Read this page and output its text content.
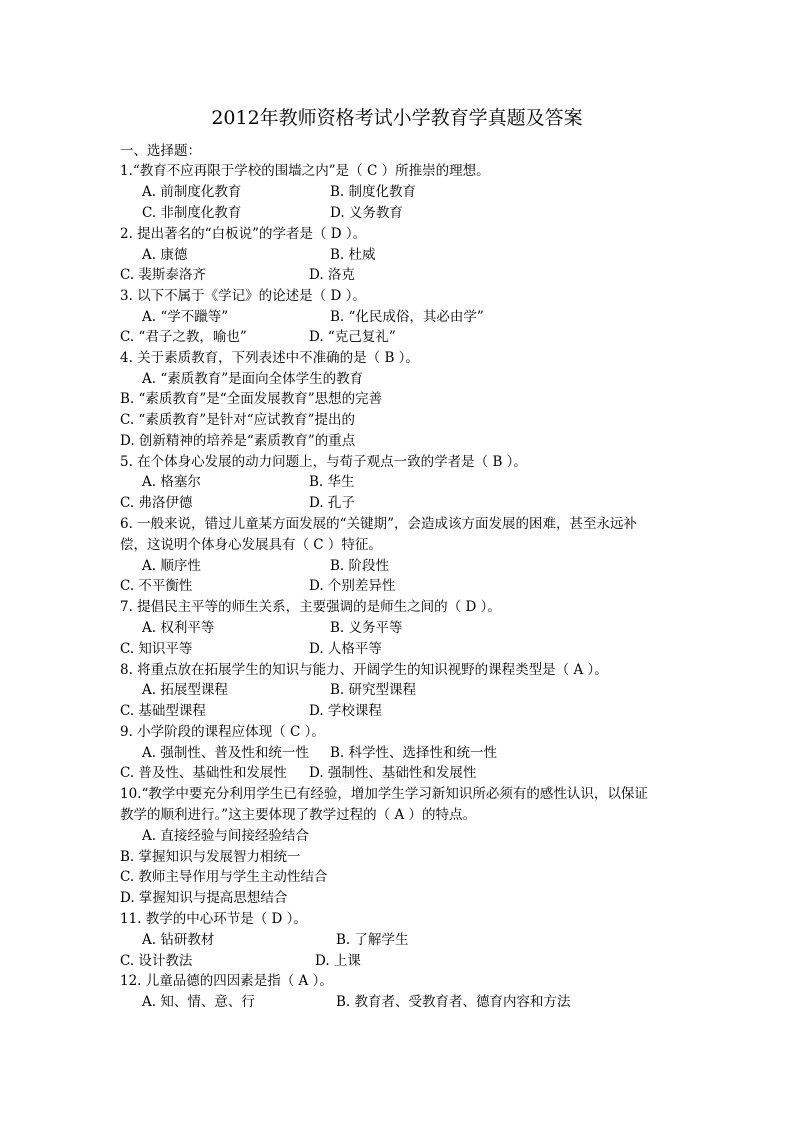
2012年教师资格考试小学教育学真题及答案
一、选择题：
1.“教育不应再限于学校的围墙之内”是（ C ）所推崇的理想。
A. 前制度化教育	B. 制度化教育
C. 非制度化教育	D. 义务教育
2. 提出著名的“白板说”的学者是（ D ）。
A. 康德	B. 杜威
C. 裴斯泰洛齐	D. 洛克
3. 以下不属于《学记》的论述是（ D ）。
A. “学不躐等”	B. “化民成俗，其必由学”
C. “君子之教，喻也”	D. “克己复礼”
4. 关于素质教育，下列表述中不准确的是（ B ）。
A. “素质教育”是面向全体学生的教育
B. “素质教育”是“全面发展教育”思想的完善
C. “素质教育”是针对“应试教育”提出的
D. 创新精神的培养是“素质教育”的重点
5. 在个体身心发展的动力问题上，与荀子观点一致的学者是（ B ）。
A. 格塞尔	B. 华生
C. 弗洛伊德	D. 孔子
6. 一般来说，错过儿童某方面发展的“关键期”，会造成该方面发展的困难，甚至永远补
偿，这说明个体身心发展具有（ C ）特征。
A. 顺序性	B. 阶段性
C. 不平衡性	D. 个别差异性
7. 提倡民主平等的师生关系，主要强调的是师生之间的（ D ）。
A. 权利平等	B. 义务平等
C. 知识平等	D. 人格平等
8. 将重点放在拓展学生的知识与能力、开阔学生的知识视野的课程类型是（ A ）。
A. 拓展型课程	B. 研究型课程
C. 基础型课程	D. 学校课程
9. 小学阶段的课程应体现（ C ）。
A. 强制性、普及性和统一性 B. 科学性、选择性和统一性
C. 普及性、基础性和发展性 D. 强制性、基础性和发展性
10.“教学中要充分利用学生已有经验，增加学生学习新知识所必须有的感性认识，以保证
教学的顺利进行。”这主要体现了教学过程的（ A ）的特点。
A. 直接经验与间接经验结合
B. 掌握知识与发展智力相统一
C. 教师主导作用与学生主动性结合
D. 掌握知识与提高思想结合
11. 教学的中心环节是（ D ）。
A. 钻研教材	B. 了解学生
C. 设计教法	D. 上课
12. 儿童品德的四因素是指（ A ）。
A. 知、情、意、行	B. 教育者、受教育者、德育内容和方法
